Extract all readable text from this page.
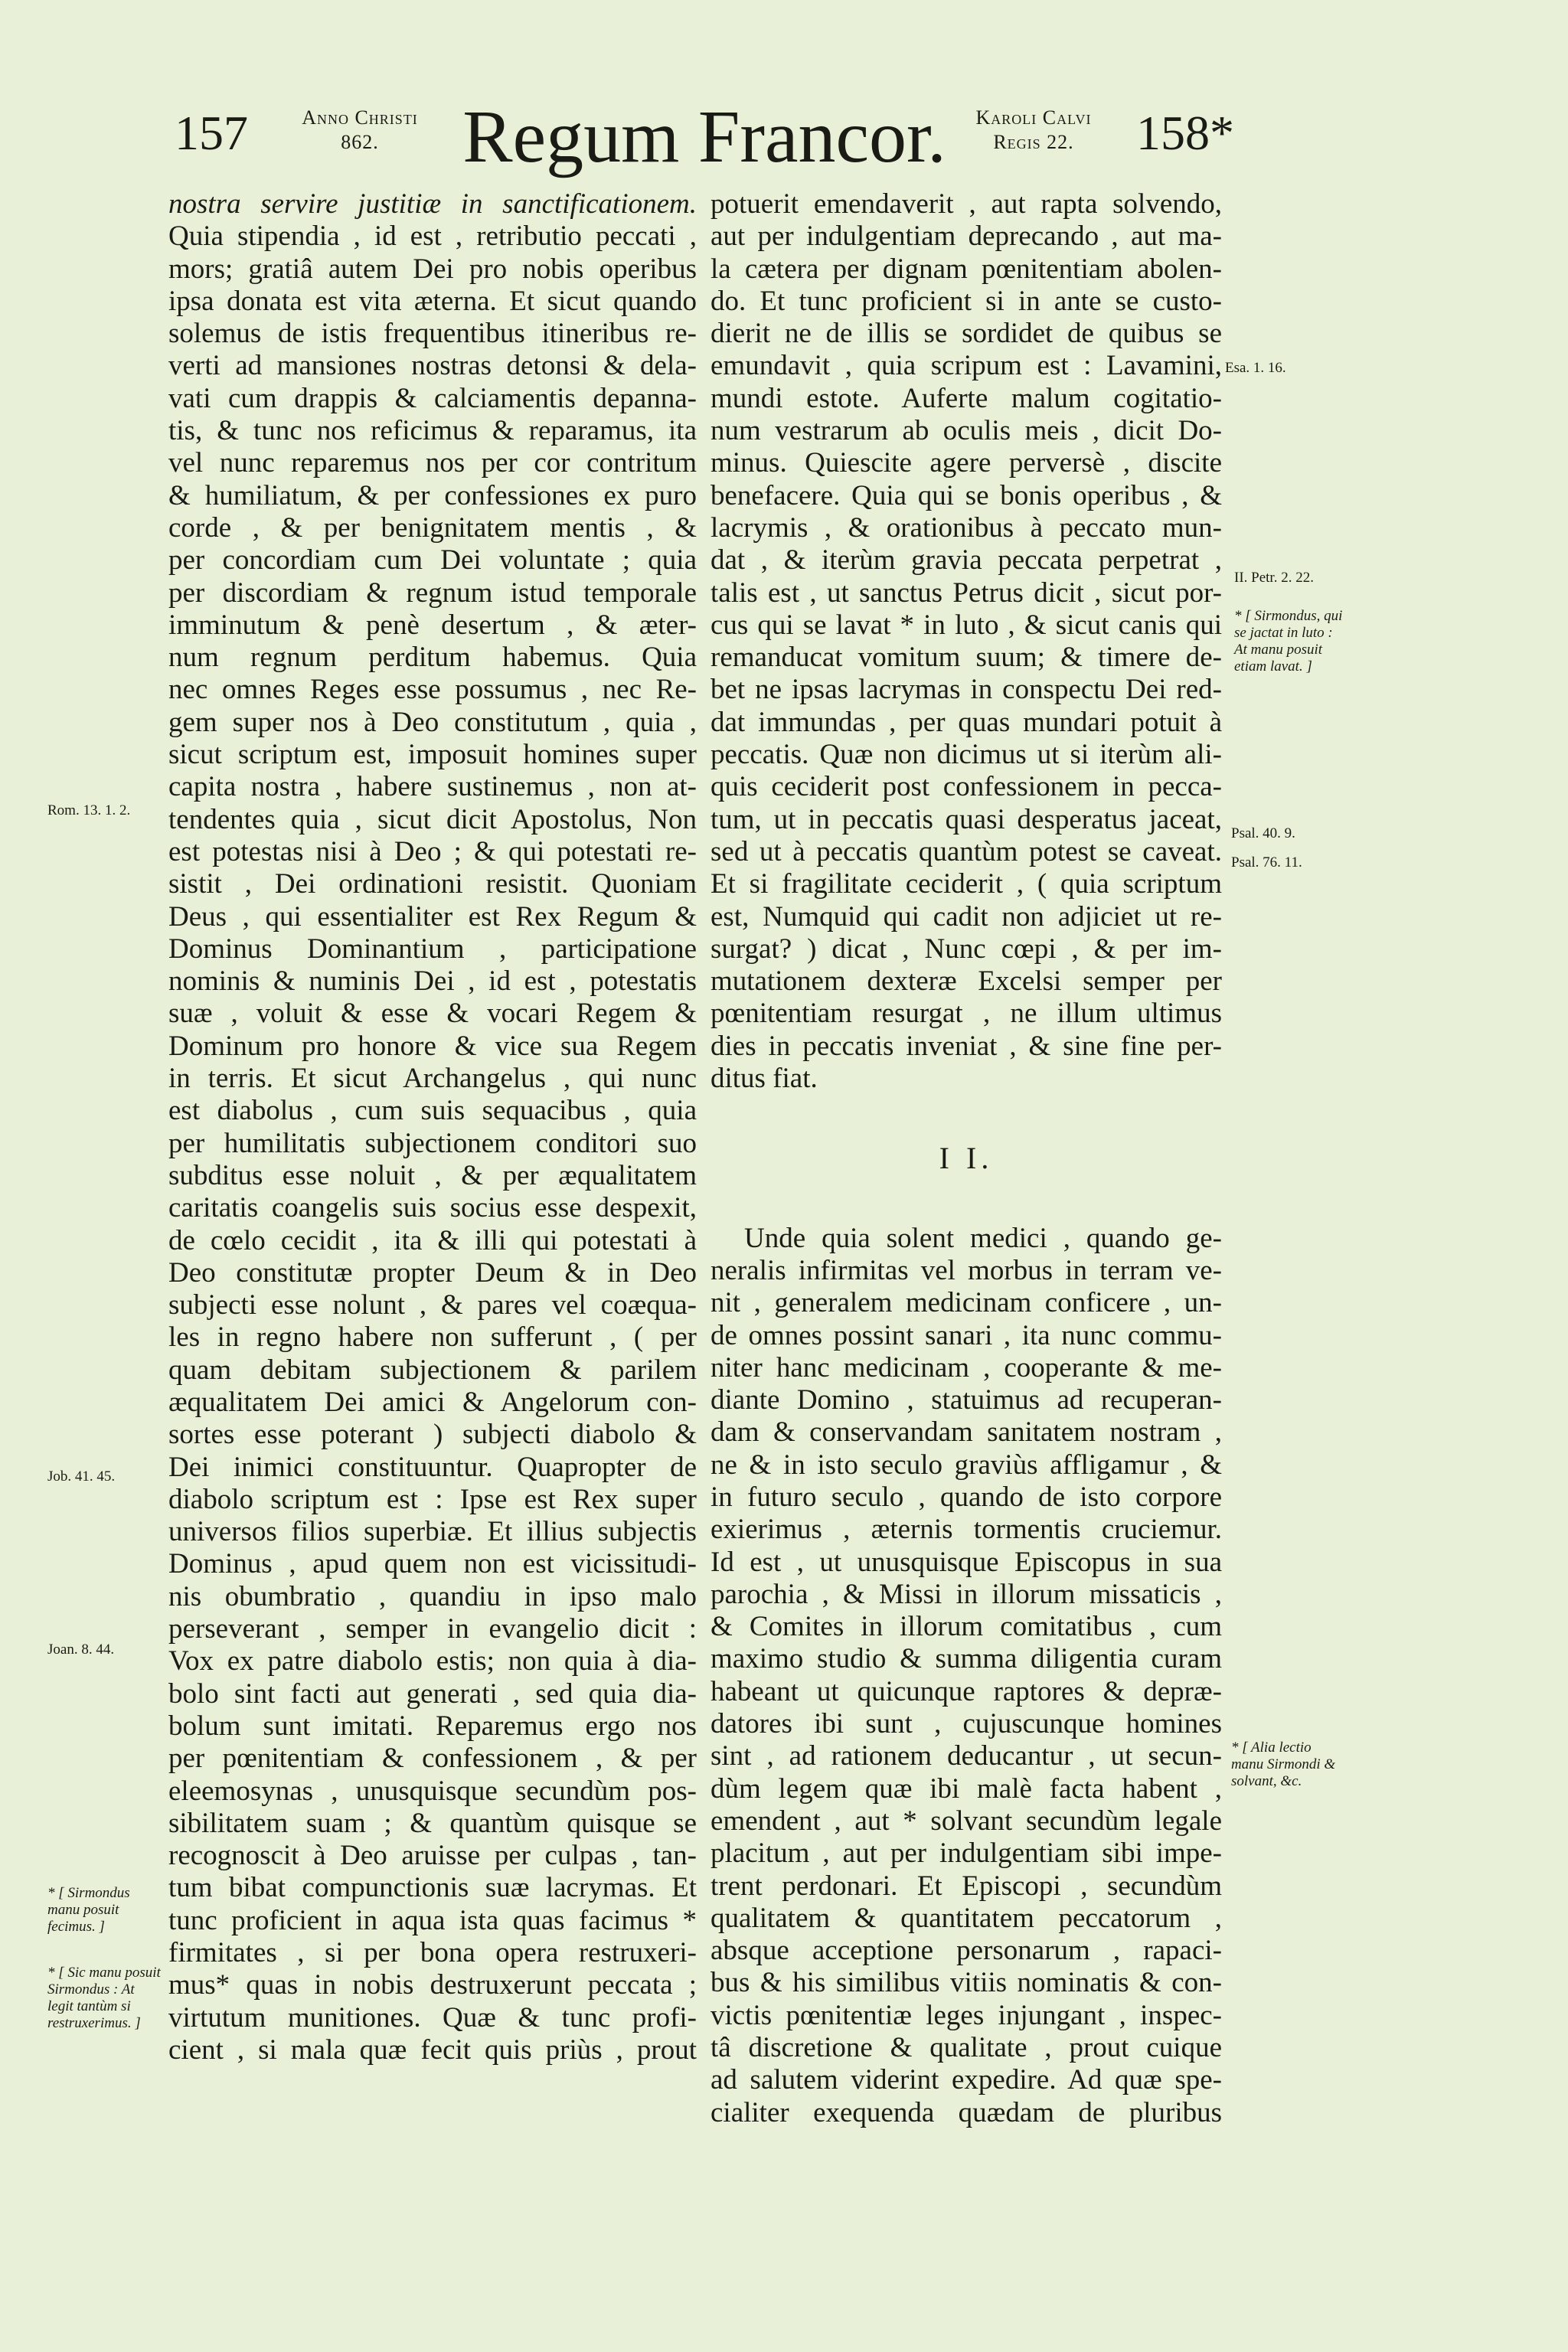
157	Anno Christi
862.	Regum Francor.	Karoli Calvi
Regis 22.	158*
nostra servire justitiæ in sanctificationem.
Quia stipendia , id est , retributio peccati ,
mors; gratiâ autem Dei pro nobis operibus
ipsa donata est vita æterna. Et sicut quando
solemus de istis frequentibus itineribus re-
verti ad mansiones nostras detonsi & dela-
vati cum drappis & calciamentis depanna-
tis, & tunc nos reficimus & reparamus, ita
vel nunc reparemus nos per cor contritum
& humiliatum, & per confessiones ex puro
corde , & per benignitatem mentis , &
per concordiam cum Dei voluntate ; quia
per discordiam & regnum istud temporale
imminutum & penè desertum , & æter-
num regnum perditum habemus. Quia
nec omnes Reges esse possumus , nec Re-
gem super nos à Deo constitutum , quia ,
sicut scriptum est, imposuit homines super
capita nostra , habere sustinemus , non at-
tendentes quia , sicut dicit Apostolus, Non
est potestas nisi à Deo ; & qui potestati re-
sistit , Dei ordinationi resistit. Quoniam
Deus , qui essentialiter est Rex Regum &
Dominus Dominantium , participatione
nominis & numinis Dei , id est , potestatis
suæ , voluit & esse & vocari Regem &
Dominum pro honore & vice sua Regem
in terris. Et sicut Archangelus , qui nunc
est diabolus , cum suis sequacibus , quia
per humilitatis subjectionem conditori suo
subditus esse noluit , & per æqualitatem
caritatis coangelis suis socius esse despexit,
de cœlo cecidit , ita & illi qui potestati à
Deo constitutæ propter Deum & in Deo
subjecti esse nolunt , & pares vel coæqua-
les in regno habere non sufferunt , ( per
quam debitam subjectionem & parilem
æqualitatem Dei amici & Angelorum con-
sortes esse poterant ) subjecti diabolo &
Dei inimici constituuntur. Quapropter de
diabolo scriptum est : Ipse est Rex super
universos filios superbiæ. Et illius subjectis
Dominus , apud quem non est vicissitudi-
nis obumbratio , quandiu in ipso malo
perseverant , semper in evangelio dicit :
Vox ex patre diabolo estis; non quia à dia-
bolo sint facti aut generati , sed quia dia-
bolum sunt imitati. Reparemus ergo nos
per pœnitentiam & confessionem , & per
eleemosynas , unusquisque secundùm pos-
sibilitatem suam ; & quantùm quisque se
recognoscit à Deo aruisse per culpas , tan-
tum bibat compunctionis suæ lacrymas. Et
tunc proficient in aqua ista quas facimus *
firmitates , si per bona opera restruxeri-
mus* quas in nobis destruxerunt peccata ;
virtutum munitiones. Quæ & tunc profi-
cient , si mala quæ fecit quis priùs , prout
potuerit emendaverit , aut rapta solvendo,
aut per indulgentiam deprecando , aut ma-
la cætera per dignam pœnitentiam abolen-
do. Et tunc proficient si in ante se custo-
dierit ne de illis se sordidet de quibus se
emundavit , quia scripum est : Lavamini,
mundi estote. Auferte malum cogitatio-
num vestrarum ab oculis meis , dicit Do-
minus. Quiescite agere perversè , discite
benefacere. Quia qui se bonis operibus , &
lacrymis , & orationibus à peccato mun-
dat , & iterùm gravia peccata perpetrat ,
talis est , ut sanctus Petrus dicit , sicut por-
cus qui se lavat * in luto , & sicut canis qui
remanducat vomitum suum; & timere de-
bet ne ipsas lacrymas in conspectu Dei red-
dat immundas , per quas mundari potuit à
peccatis. Quæ non dicimus ut si iterùm ali-
quis ceciderit post confessionem in pecca-
tum, ut in peccatis quasi desperatus jaceat,
sed ut à peccatis quantùm potest se caveat.
Et si fragilitate ceciderit , ( quia scriptum
est, Numquid qui cadit non adjiciet ut re-
surgat? ) dicat , Nunc cœpi , & per im-
mutationem dexteræ Excelsi semper per
pœnitentiam resurgat , ne illum ultimus
dies in peccatis inveniat , & sine fine per-
ditus fiat.
I I.
Unde quia solent medici , quando ge-
neralis infirmitas vel morbus in terram ve-
nit , generalem medicinam conficere , un-
de omnes possint sanari , ita nunc commu-
niter hanc medicinam , cooperante & me-
diante Domino , statuimus ad recuperan-
dam & conservandam sanitatem nostram ,
ne & in isto seculo graviùs affligamur , &
in futuro seculo , quando de isto corpore
exierimus , æternis tormentis cruciemur.
Id est , ut unusquisque Episcopus in sua
parochia , & Missi in illorum missaticis ,
& Comites in illorum comitatibus , cum
maximo studio & summa diligentia curam
habeant ut quicunque raptores & depræ-
datores ibi sunt , cujuscunque homines
sint , ad rationem deducantur , ut secun-
dùm legem quæ ibi malè facta habent ,
emendent , aut * solvant secundùm legale
placitum , aut per indulgentiam sibi impe-
trent perdonari. Et Episcopi , secundùm
qualitatem & quantitatem peccatorum ,
absque acceptione personarum , rapaci-
bus & his similibus vitiis nominatis & con-
victis pœnitentiæ leges injungant , inspec-
tâ discretione & qualitate , prout cuique
ad salutem viderint expedire. Ad quæ spe-
cialiter exequenda quædam de pluribus
Rom. 13. 1. 2.
Job. 41. 45.
Joan. 8. 44.
* [ Sirmondus manu posuit fecimus. ]
* [ Sic manu posuit Sirmondus : At legit tantùm si restruxerimus. ]
Esa. 1. 16.
II. Petr. 2. 22.
* [ Sirmondus, qui se jactat in luto : At manu posuit etiam lavat. ]
Psal. 40. 9.
Psal. 76. 11.
* [ Alia lectio manu Sirmondi & solvant, &c.
